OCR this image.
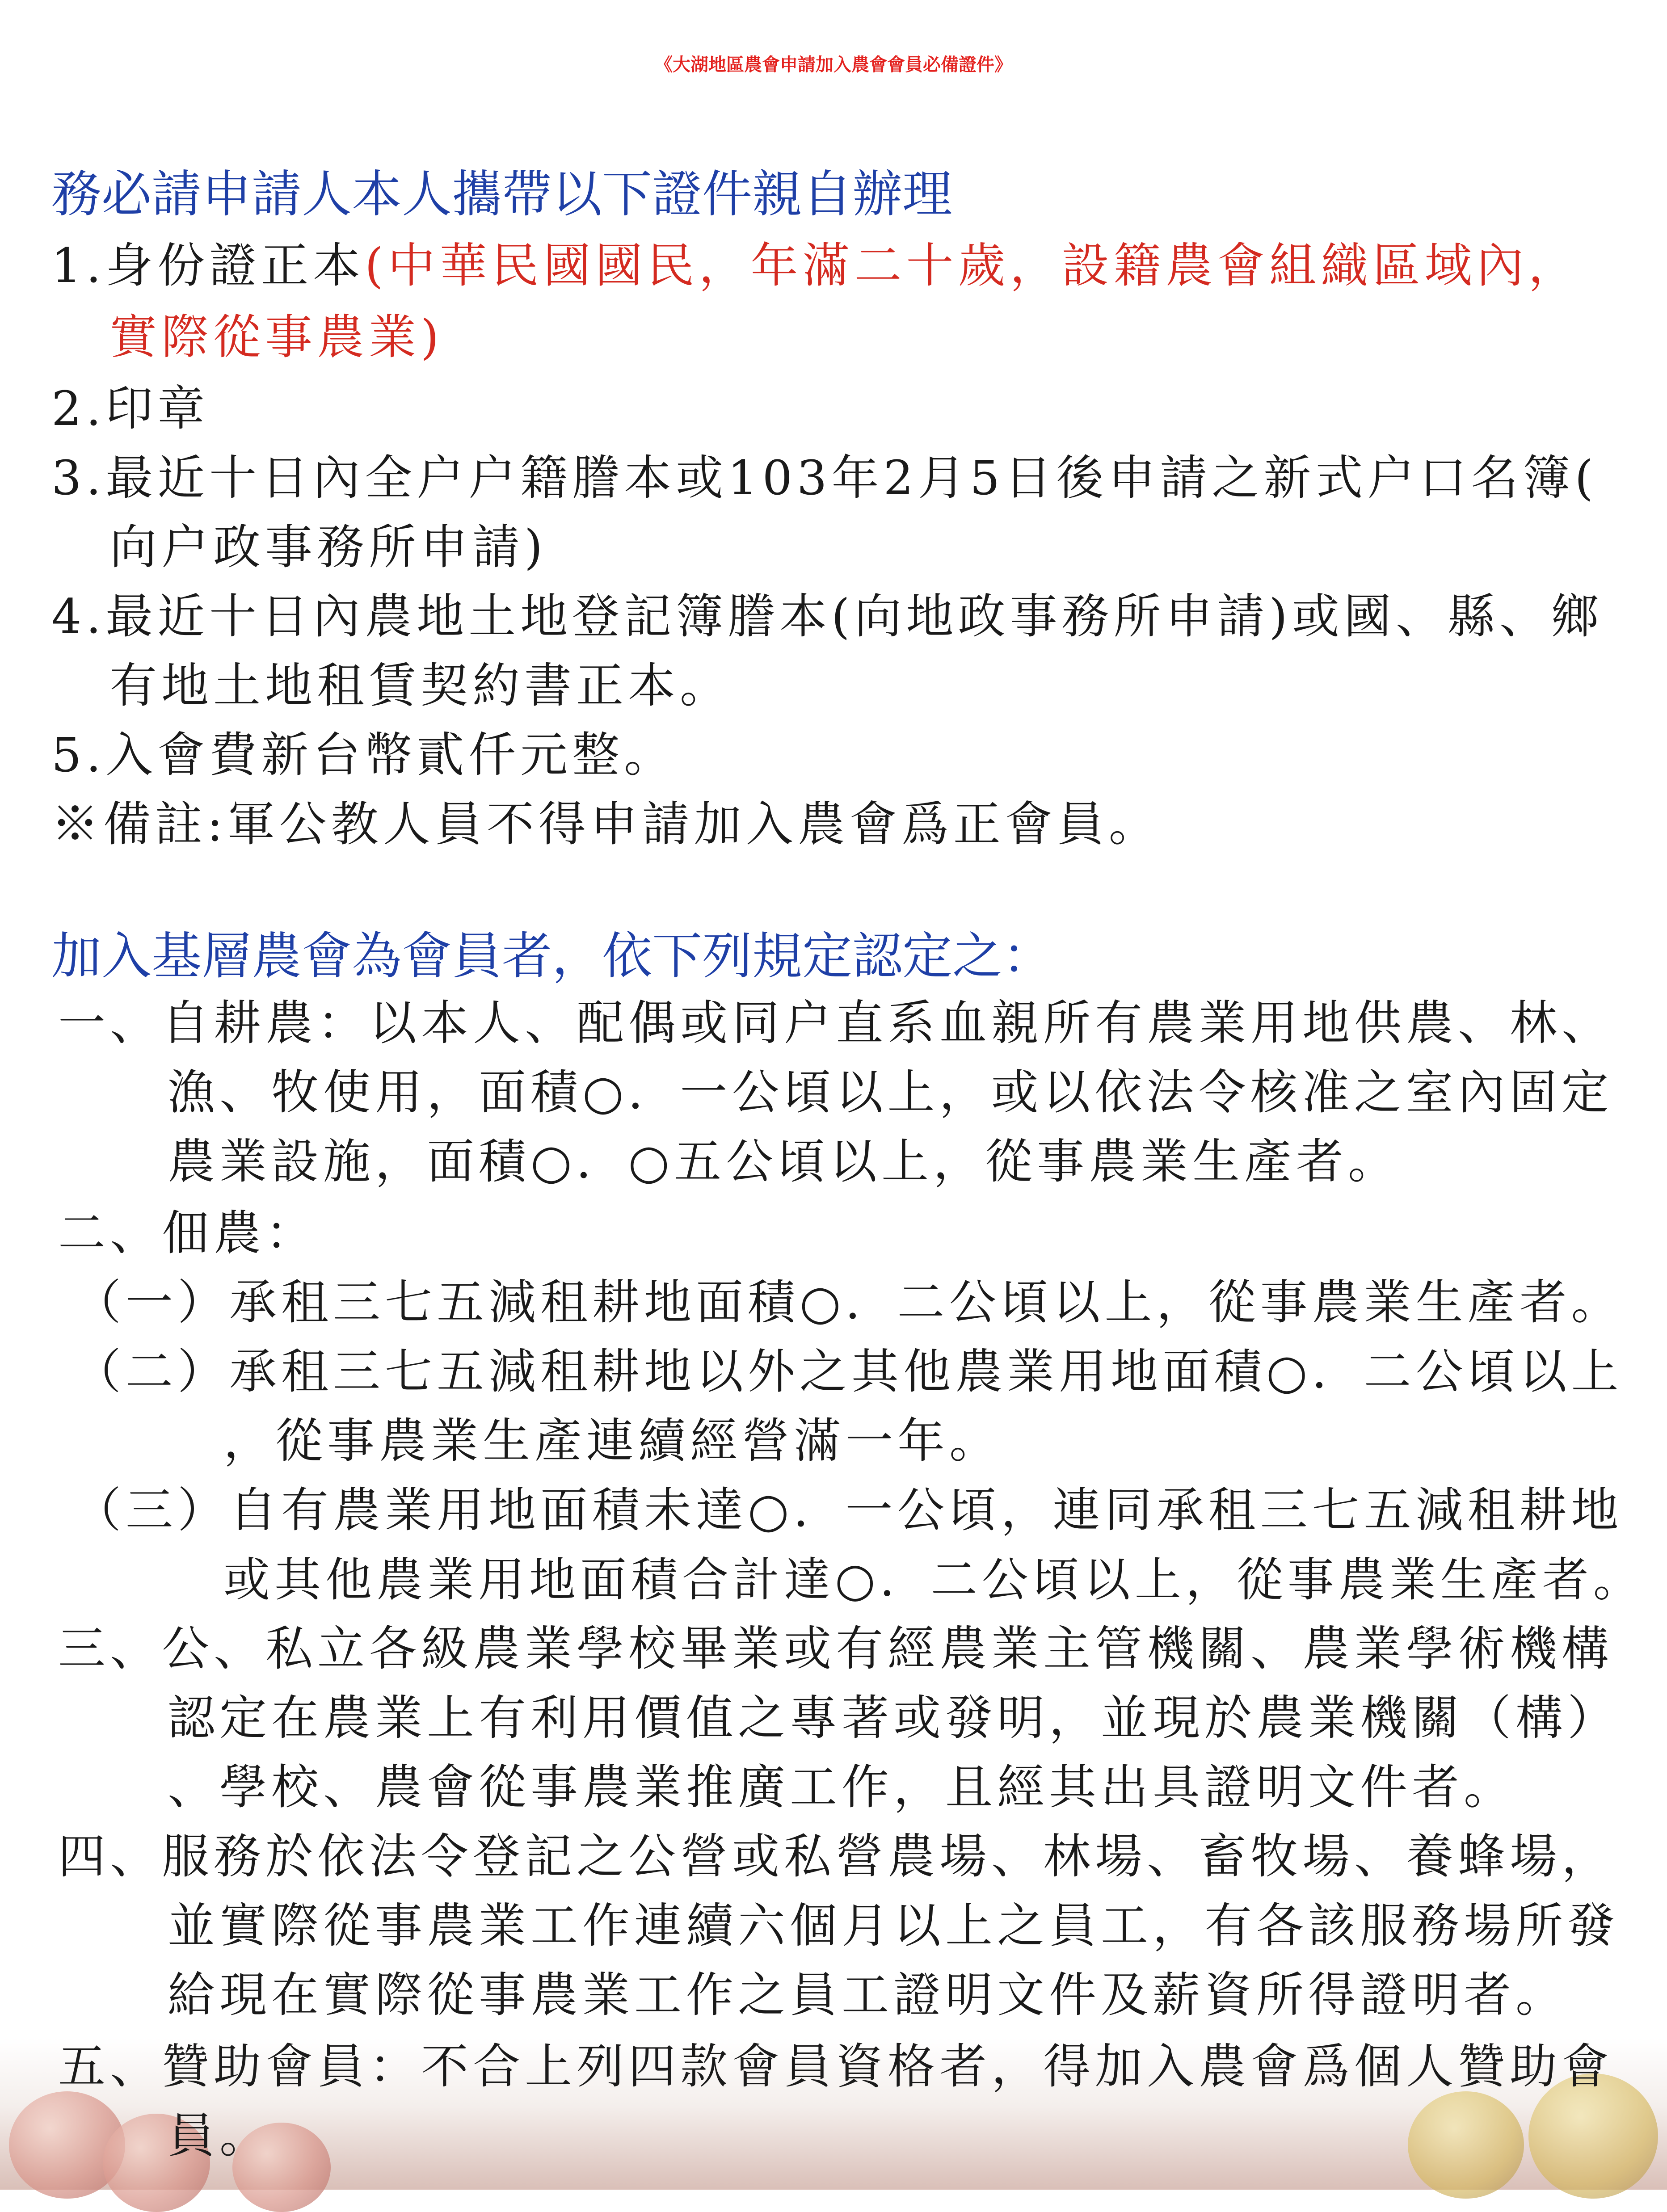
《大湖地區農會申請加入農會會員必備證件》
務必請申請人本人攜帶以下證件親自辦理
1.身份證正本(中華民國國民，年滿二十歲，設籍農會組織區域內，
實際從事農業)
2.印章
3.最近十日內全户户籍謄本或103年2月5日後申請之新式户口名簿(
向户政事務所申請)
4.最近十日內農地土地登記簿謄本(向地政事務所申請)或國、縣、鄉
有地土地租賃契約書正本。
5.入會費新台幣貳仟元整。
※備註:軍公教人員不得申請加入農會爲正會員。
加入基層農會為會員者，依下列規定認定之：
一、自耕農：以本人、配偶或同户直系血親所有農業用地供農、林、
漁、牧使用，面積○．一公頃以上，或以依法令核准之室內固定
農業設施，面積○．○五公頃以上，從事農業生產者。
二、佃農：
（一）承租三七五減租耕地面積○．二公頃以上，從事農業生產者。
（二）承租三七五減租耕地以外之其他農業用地面積○．二公頃以上
，從事農業生產連續經營滿一年。
（三）自有農業用地面積未達○．一公頃，連同承租三七五減租耕地
或其他農業用地面積合計達○．二公頃以上，從事農業生產者。
三、公、私立各級農業學校畢業或有經農業主管機關、農業學術機構
認定在農業上有利用價值之專著或發明，並現於農業機關（構）
、學校、農會從事農業推廣工作，且經其出具證明文件者。
四、服務於依法令登記之公營或私營農場、林場、畜牧場、養蜂場，
並實際從事農業工作連續六個月以上之員工，有各該服務場所發
給現在實際從事農業工作之員工證明文件及薪資所得證明者。
五、贊助會員：不合上列四款會員資格者，得加入農會爲個人贊助會
員。
